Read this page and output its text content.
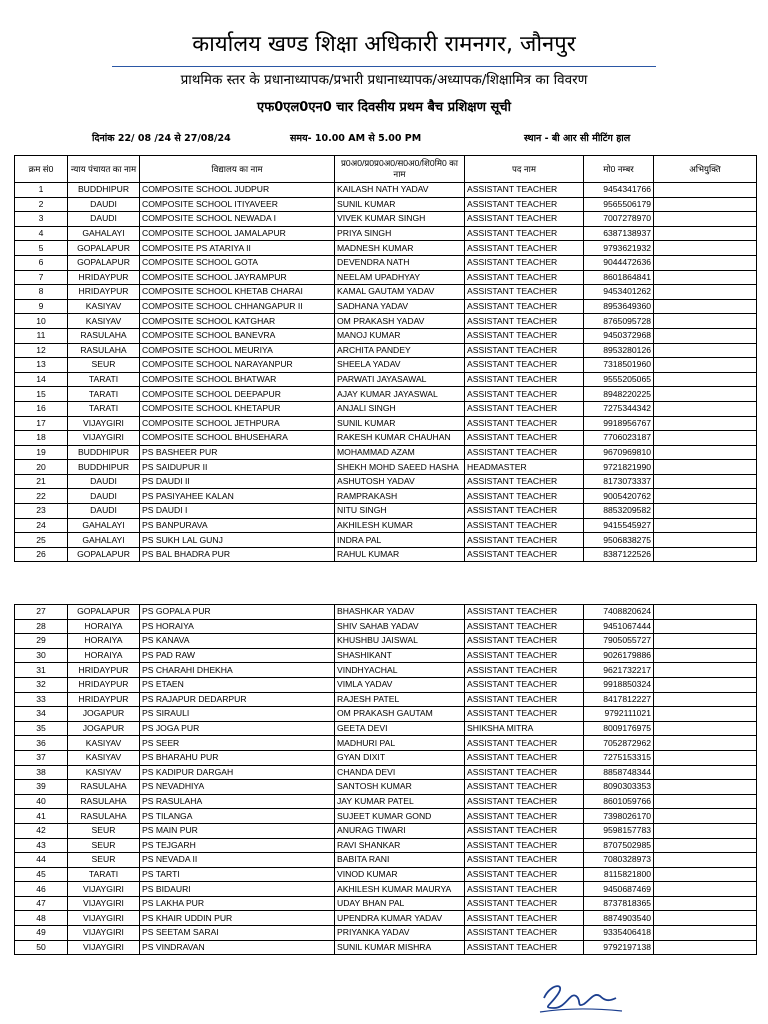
कार्यालय खण्ड शिक्षा अधिकारी रामनगर, जौनपुर
प्राथमिक स्तर के प्रधानाध्यापक/प्रभारी प्रधानाध्यापक/अध्यापक/शिक्षामित्र का विवरण
एफ0एल0एन0 चार दिवसीय प्रथम बैच प्रशिक्षण सूची
दिनांक 22/ 08 /24 से 27/08/24	समय- 10.00 AM से 5.00 PM	स्थान - बी आर सी मीटिंग हाल
क्रम सं0	न्याय पंचायत का नाम	विद्यालय का नाम	प्र0अ0/प्र0प्र0अ0/स0अ0/शि0मि0 का नाम	पद नाम	मो0 नम्बर	अभियुक्ति
1	BUDDHIPUR	COMPOSITE SCHOOL JUDPUR	KAILASH NATH YADAV	ASSISTANT TEACHER	9454341766	
2	DAUDI	COMPOSITE SCHOOL ITIYAVEER	SUNIL KUMAR	ASSISTANT TEACHER	9565506179	
3	DAUDI	COMPOSITE SCHOOL NEWADA I	VIVEK KUMAR SINGH	ASSISTANT TEACHER	7007278970	
4	GAHALAYI	COMPOSITE SCHOOL JAMALAPUR	PRIYA SINGH	ASSISTANT TEACHER	6387138937	
5	GOPALAPUR	COMPOSITE PS ATARIYA II	MADNESH KUMAR	ASSISTANT TEACHER	9793621932	
6	GOPALAPUR	COMPOSITE SCHOOL GOTA	DEVENDRA NATH	ASSISTANT TEACHER	9044472636	
7	HRIDAYPUR	COMPOSITE SCHOOL JAYRAMPUR	NEELAM UPADHYAY	ASSISTANT TEACHER	8601864841	
8	HRIDAYPUR	COMPOSITE SCHOOL KHETAB CHARAI	KAMAL GAUTAM YADAV	ASSISTANT TEACHER	9453401262	
9	KASIYAV	COMPOSITE SCHOOL CHHANGAPUR II	SADHANA YADAV	ASSISTANT TEACHER	8953649360	
10	KASIYAV	COMPOSITE SCHOOL KATGHAR	OM PRAKASH YADAV	ASSISTANT TEACHER	8765095728	
11	RASULAHA	COMPOSITE SCHOOL BANEVRA	MANOJ KUMAR	ASSISTANT TEACHER	9450372968	
12	RASULAHA	COMPOSITE SCHOOL MEURIYA	ARCHITA PANDEY	ASSISTANT TEACHER	8953280126	
13	SEUR	COMPOSITE SCHOOL NARAYANPUR	SHEELA YADAV	ASSISTANT TEACHER	7318501960	
14	TARATI	COMPOSITE SCHOOL BHATWAR	PARWATI JAYASAWAL	ASSISTANT TEACHER	9555205065	
15	TARATI	COMPOSITE SCHOOL DEEPAPUR	AJAY KUMAR JAYASWAL	ASSISTANT TEACHER	8948220225	
16	TARATI	COMPOSITE SCHOOL KHETAPUR	ANJALI SINGH	ASSISTANT TEACHER	7275344342	
17	VIJAYGIRI	COMPOSITE SCHOOL JETHPURA	SUNIL KUMAR	ASSISTANT TEACHER	9918956767	
18	VIJAYGIRI	COMPOSITE SCHOOL BHUSEHARA	RAKESH KUMAR CHAUHAN	ASSISTANT TEACHER	7706023187	
19	BUDDHIPUR	PS BASHEER PUR	MOHAMMAD AZAM	ASSISTANT TEACHER	9670969810	
20	BUDDHIPUR	PS SAIDUPUR II	SHEKH MOHD SAEED HASHA	HEADMASTER	9721821990	
21	DAUDI	PS DAUDI II	ASHUTOSH YADAV	ASSISTANT TEACHER	8173073337	
22	DAUDI	PS PASIYAHEE KALAN	RAMPRAKASH	ASSISTANT TEACHER	9005420762	
23	DAUDI	PS DAUDI I	NITU SINGH	ASSISTANT TEACHER	8853209582	
24	GAHALAYI	PS BANPURAVA	AKHILESH KUMAR	ASSISTANT TEACHER	9415545927	
25	GAHALAYI	PS SUKH LAL GUNJ	INDRA PAL	ASSISTANT TEACHER	9506838275	
26	GOPALAPUR	PS BAL BHADRA PUR	RAHUL KUMAR	ASSISTANT TEACHER	8387122526	
27	GOPALAPUR	PS GOPALA PUR	BHASHKAR YADAV	ASSISTANT TEACHER	7408820624	
28	HORAIYA	PS HORAIYA	SHIV SAHAB YADAV	ASSISTANT TEACHER	9451067444	
29	HORAIYA	PS KANAVA	KHUSHBU JAISWAL	ASSISTANT TEACHER	7905055727	
30	HORAIYA	PS PAD RAW	SHASHIKANT	ASSISTANT TEACHER	9026179886	
31	HRIDAYPUR	PS CHARAHI DHEKHA	VINDHYACHAL	ASSISTANT TEACHER	9621732217	
32	HRIDAYPUR	PS ETAEN	VIMLA YADAV	ASSISTANT TEACHER	9918850324	
33	HRIDAYPUR	PS RAJAPUR DEDARPUR	RAJESH PATEL	ASSISTANT TEACHER	8417812227	
34	JOGAPUR	PS SIRAULI	OM PRAKASH GAUTAM	ASSISTANT TEACHER	9792111021	
35	JOGAPUR	PS JOGA PUR	GEETA DEVI	SHIKSHA MITRA	8009176975	
36	KASIYAV	PS SEER	MADHURI PAL	ASSISTANT TEACHER	7052872962	
37	KASIYAV	PS BHARAHU PUR	GYAN DIXIT	ASSISTANT TEACHER	7275153315	
38	KASIYAV	PS KADIPUR DARGAH	CHANDA DEVI	ASSISTANT TEACHER	8858748344	
39	RASULAHA	PS NEVADHIYA	SANTOSH KUMAR	ASSISTANT TEACHER	8090303353	
40	RASULAHA	PS RASULAHA	JAY KUMAR PATEL	ASSISTANT TEACHER	8601059766	
41	RASULAHA	PS TILANGA	SUJEET KUMAR GOND	ASSISTANT TEACHER	7398026170	
42	SEUR	PS MAIN PUR	ANURAG TIWARI	ASSISTANT TEACHER	9598157783	
43	SEUR	PS TEJGARH	RAVI SHANKAR	ASSISTANT TEACHER	8707502985	
44	SEUR	PS NEVADA II	BABITA RANI	ASSISTANT TEACHER	7080328973	
45	TARATI	PS TARTI	VINOD KUMAR	ASSISTANT TEACHER	8115821800	
46	VIJAYGIRI	PS BIDAURI	AKHILESH KUMAR MAURYA	ASSISTANT TEACHER	9450687469	
47	VIJAYGIRI	PS LAKHA PUR	UDAY BHAN PAL	ASSISTANT TEACHER	8737818365	
48	VIJAYGIRI	PS KHAIR UDDIN PUR	UPENDRA KUMAR YADAV	ASSISTANT TEACHER	8874903540	
49	VIJAYGIRI	PS SEETAM SARAI	PRIYANKA YADAV	ASSISTANT TEACHER	9335406418	
50	VIJAYGIRI	PS VINDRAVAN	SUNIL KUMAR MISHRA	ASSISTANT TEACHER	9792197138	
